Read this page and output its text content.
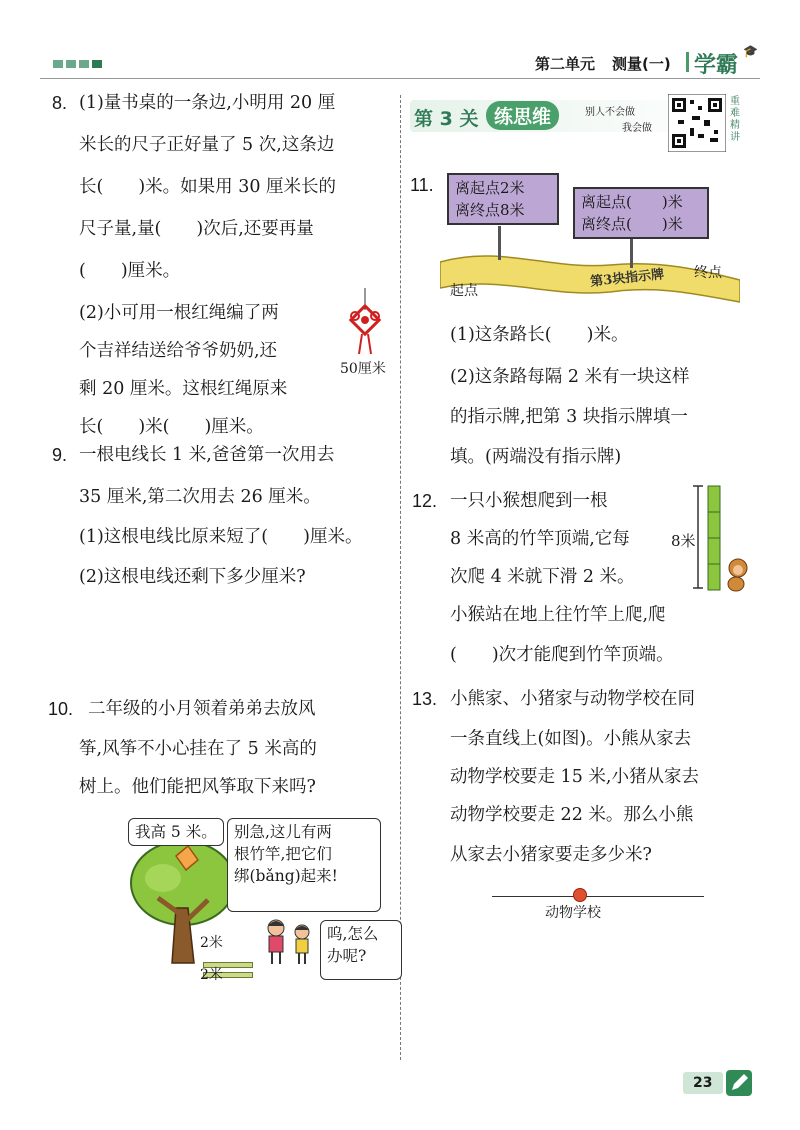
第二单元 测量(一) 学霸
🎓
8. (1)量书桌的一条边,小明用 20 厘
米长的尺子正好量了 5 次,这条边
长(　　)米。如果用 30 厘米长的
尺子量,量(　　)次后,还要再量
(　　)厘米。
(2)小可用一根红绳编了两
个吉祥结送给爷爷奶奶,还
剩 20 厘米。这根红绳原来
长(　　)米(　　)厘米。
50厘米
9. 一根电线长 1 米,爸爸第一次用去
35 厘米,第二次用去 26 厘米。
(1)这根电线比原来短了(　　)厘米。
(2)这根电线还剩下多少厘米?
10. 二年级的小月领着弟弟去放风
筝,风筝不小心挂在了 5 米高的
树上。他们能把风筝取下来吗?
我高 5 米。	别急,这儿有两
根竹竿,把它们
绑(bǎng)起来!
呜,怎么
办呢?
2米
2米
第 3 关 练思维	别人不会做
我会做
重难精讲
11. 离起点2米
离终点8米	离起点(　　)米
离终点(　　)米
第3块指示牌
起点
终点
(1)这条路长(　　)米。
(2)这条路每隔 2 米有一块这样
的指示牌,把第 3 块指示牌填一
填。(两端没有指示牌)
12. 一只小猴想爬到一根
8 米高的竹竿顶端,它每
次爬 4 米就下滑 2 米。
小猴站在地上往竹竿上爬,爬
(　　)次才能爬到竹竿顶端。
8米
13. 小熊家、小猪家与动物学校在同
一条直线上(如图)。小熊从家去
动物学校要走 15 米,小猪从家去
动物学校要走 22 米。那么小熊
从家去小猪家要走多少米?
动物学校
23
